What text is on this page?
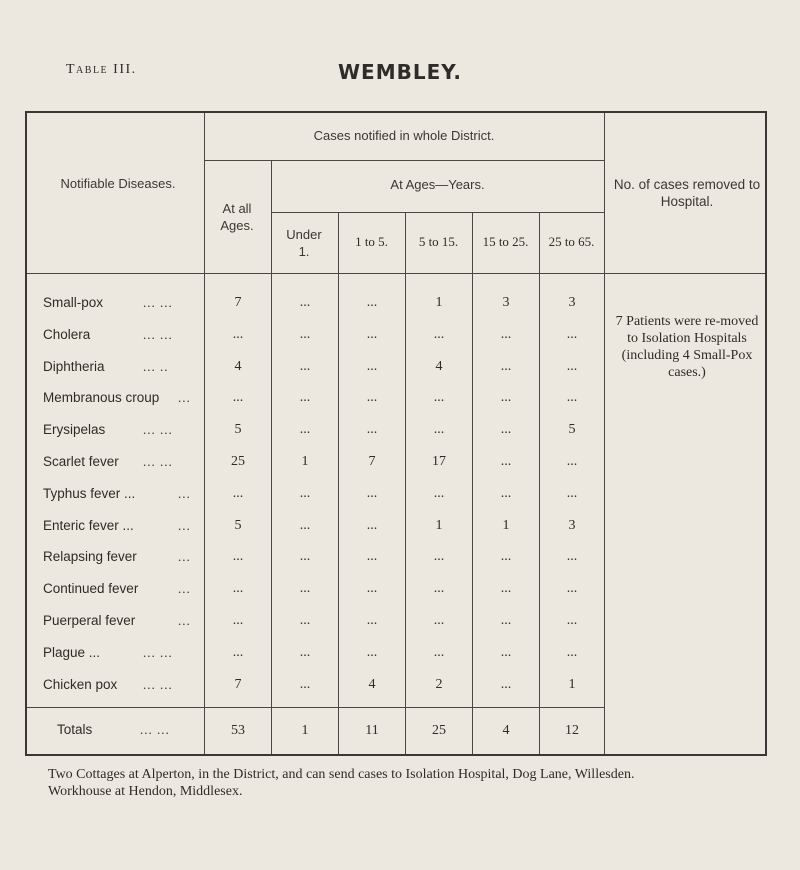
Table III.	WEMBLEY.
Notifiable Diseases.
Cases notified in whole District.
At all Ages.
At Ages—Years.
Under 1.
1 to 5.	5 to 15.	15 to 25.	25 to 65.
No. of cases removed to Hospital.
Small-pox	... ...	7	...	...	1	3	3
Cholera	... ...	...	...	...	...	...	...
Diphtheria	... ..	4	...	...	4	...	...
Membranous croup ...	...	...	...	...	...	...
Erysipelas	... ...	5	...	...	...	...	5
Scarlet fever ... ...	25	1	7	17	...	...
Typhus fever ...	...	...	...	...	...	...	...
Enteric fever ...	...	5	...	...	1	1	3
Relapsing fever	...	...	...	...	...	...	...
Continued fever	...	...	...	...	...	...	...
Puerperal fever	...	...	...	...	...	...	...
Plague ...	... ...	...	...	...	...	...	...
Chicken pox ... ...	7	...	4	2	...	1
Totals	... ...	53	1	11	25	4	12
7 Patients were re-moved to Isolation Hospitals (including 4 Small-Pox cases.)
Two Cottages at Alperton, in the District, and can send cases to Isolation Hospital, Dog Lane, Willesden.
Workhouse at Hendon, Middlesex.
